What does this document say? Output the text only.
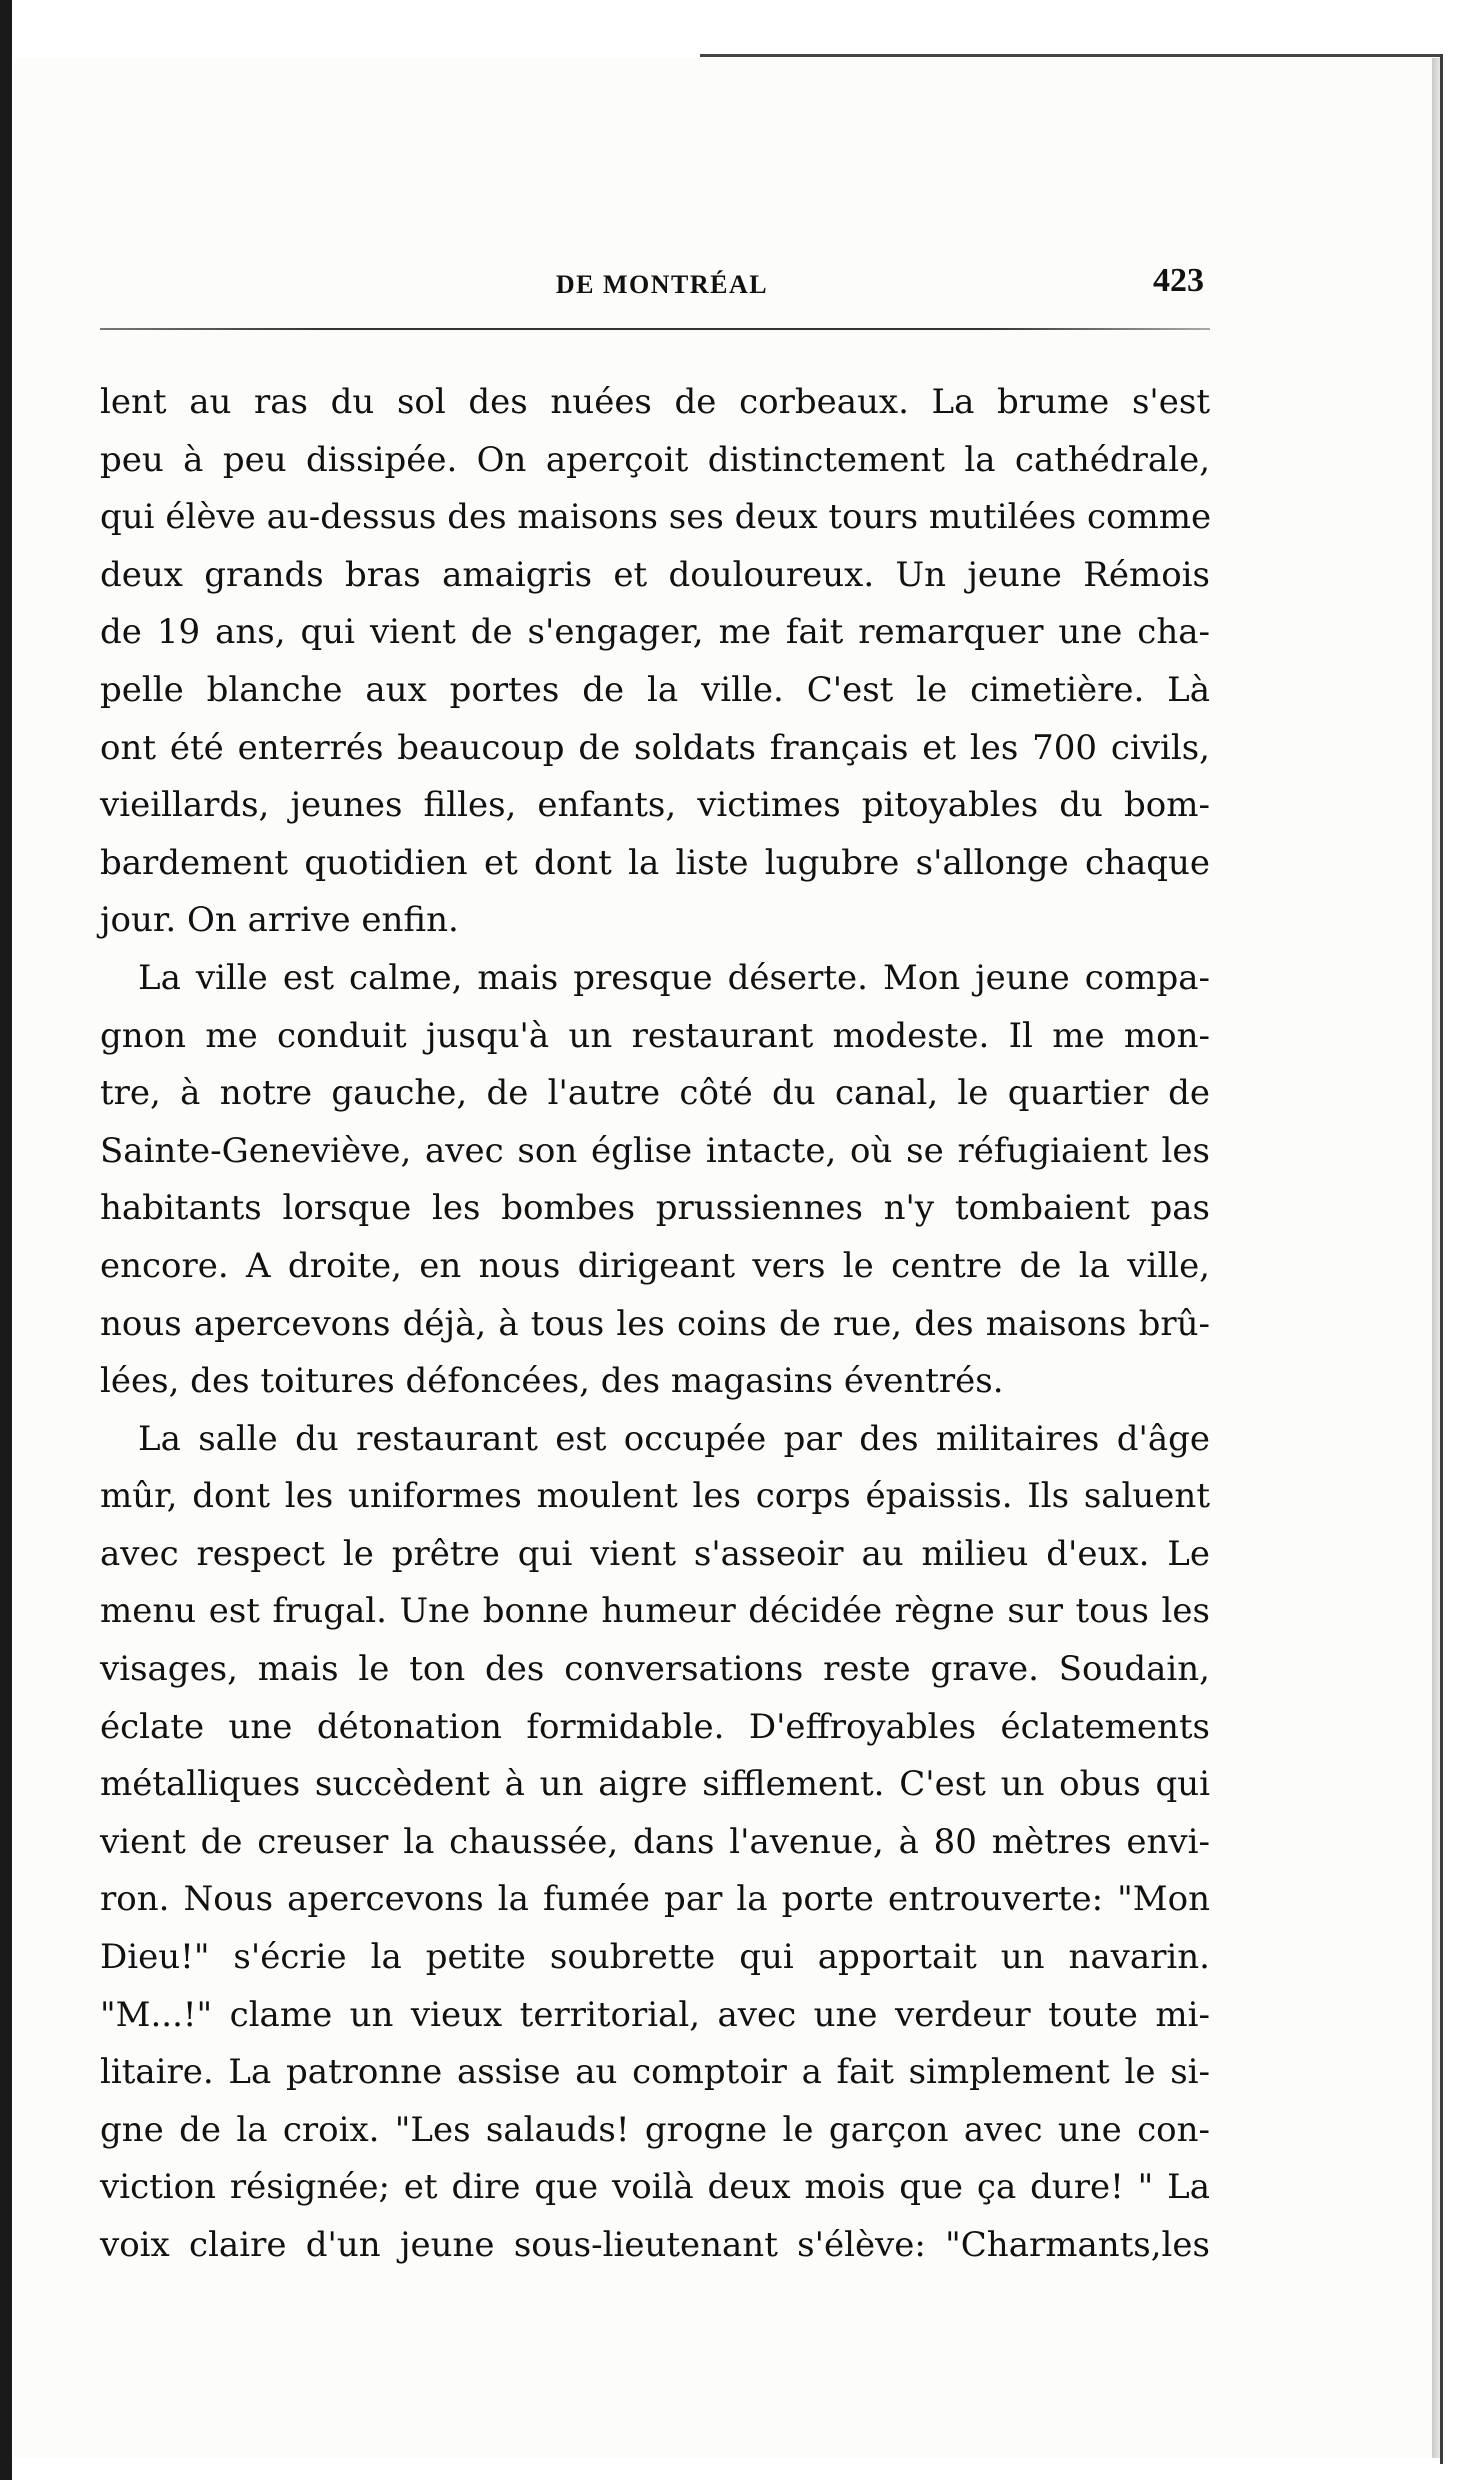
DE MONTRÉAL	423
lent au ras du sol des nuées de corbeaux. La brume s'est
peu à peu dissipée. On aperçoit distinctement la cathédrale,
qui élève au-dessus des maisons ses deux tours mutilées comme
deux grands bras amaigris et douloureux. Un jeune Rémois
de 19 ans, qui vient de s'engager, me fait remarquer une cha-
pelle blanche aux portes de la ville. C'est le cimetière. Là
ont été enterrés beaucoup de soldats français et les 700 civils,
vieillards, jeunes filles, enfants, victimes pitoyables du bom-
bardement quotidien et dont la liste lugubre s'allonge chaque
jour. On arrive enfin.
La ville est calme, mais presque déserte. Mon jeune compa-
gnon me conduit jusqu'à un restaurant modeste. Il me mon-
tre, à notre gauche, de l'autre côté du canal, le quartier de
Sainte-Geneviève, avec son église intacte, où se réfugiaient les
habitants lorsque les bombes prussiennes n'y tombaient pas
encore. A droite, en nous dirigeant vers le centre de la ville,
nous apercevons déjà, à tous les coins de rue, des maisons brû-
lées, des toitures défoncées, des magasins éventrés.
La salle du restaurant est occupée par des militaires d'âge
mûr, dont les uniformes moulent les corps épaissis. Ils saluent
avec respect le prêtre qui vient s'asseoir au milieu d'eux. Le
menu est frugal. Une bonne humeur décidée règne sur tous les
visages, mais le ton des conversations reste grave. Soudain,
éclate une détonation formidable. D'effroyables éclatements
métalliques succèdent à un aigre sifflement. C'est un obus qui
vient de creuser la chaussée, dans l'avenue, à 80 mètres envi-
ron. Nous apercevons la fumée par la porte entrouverte: "Mon
Dieu!" s'écrie la petite soubrette qui apportait un navarin.
"M...!" clame un vieux territorial, avec une verdeur toute mi-
litaire. La patronne assise au comptoir a fait simplement le si-
gne de la croix. "Les salauds! grogne le garçon avec une con-
viction résignée; et dire que voilà deux mois que ça dure! " La
voix claire d'un jeune sous-lieutenant s'élève: "Charmants,les
